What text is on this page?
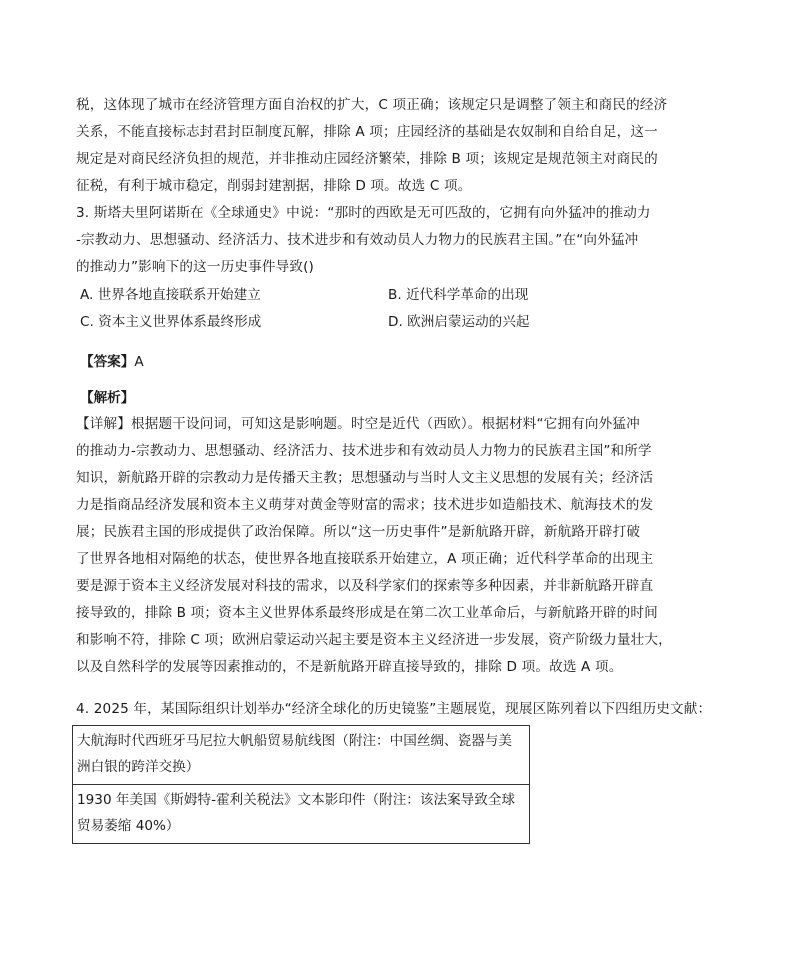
税，这体现了城市在经济管理方面自治权的扩大，C 项正确；该规定只是调整了领主和商民的经济
关系，不能直接标志封君封臣制度瓦解，排除 A 项；庄园经济的基础是农奴制和自给自足，这一
规定是对商民经济负担的规范，并非推动庄园经济繁荣，排除 B 项；该规定是规范领主对商民的
征税，有利于城市稳定，削弱封建割据，排除 D 项。故选 C 项。
3. 斯塔夫里阿诺斯在《全球通史》中说：“那时的西欧是无可匹敌的，它拥有向外猛冲的推动力
-宗教动力、思想骚动、经济活力、技术进步和有效动员人力物力的民族君主国。”在“向外猛冲
的推动力”影响下的这一历史事件导致()
A. 世界各地直接联系开始建立	B. 近代科学革命的出现
C. 资本主义世界体系最终形成	D. 欧洲启蒙运动的兴起
【答案】A
【解析】
【详解】根据题干设问词，可知这是影响题。时空是近代（西欧）。根据材料“它拥有向外猛冲
的推动力-宗教动力、思想骚动、经济活力、技术进步和有效动员人力物力的民族君主国”和所学
知识，新航路开辟的宗教动力是传播天主教；思想骚动与当时人文主义思想的发展有关；经济活
力是指商品经济发展和资本主义萌芽对黄金等财富的需求；技术进步如造船技术、航海技术的发
展；民族君主国的形成提供了政治保障。所以“这一历史事件”是新航路开辟，新航路开辟打破
了世界各地相对隔绝的状态，使世界各地直接联系开始建立，A 项正确；近代科学革命的出现主
要是源于资本主义经济发展对科技的需求，以及科学家们的探索等多种因素，并非新航路开辟直
接导致的，排除 B 项；资本主义世界体系最终形成是在第二次工业革命后，与新航路开辟的时间
和影响不符，排除 C 项；欧洲启蒙运动兴起主要是资本主义经济进一步发展，资产阶级力量壮大，
以及自然科学的发展等因素推动的，不是新航路开辟直接导致的，排除 D 项。故选 A 项。
4. 2025 年，某国际组织计划举办“经济全球化的历史镜鉴”主题展览，现展区陈列着以下四组历史文献：
大航海时代西班牙马尼拉大帆船贸易航线图（附注：中国丝绸、瓷器与美
洲白银的跨洋交换）

1930 年美国《斯姆特-霍利关税法》文本影印件（附注：该法案导致全球
贸易萎缩 40%）
